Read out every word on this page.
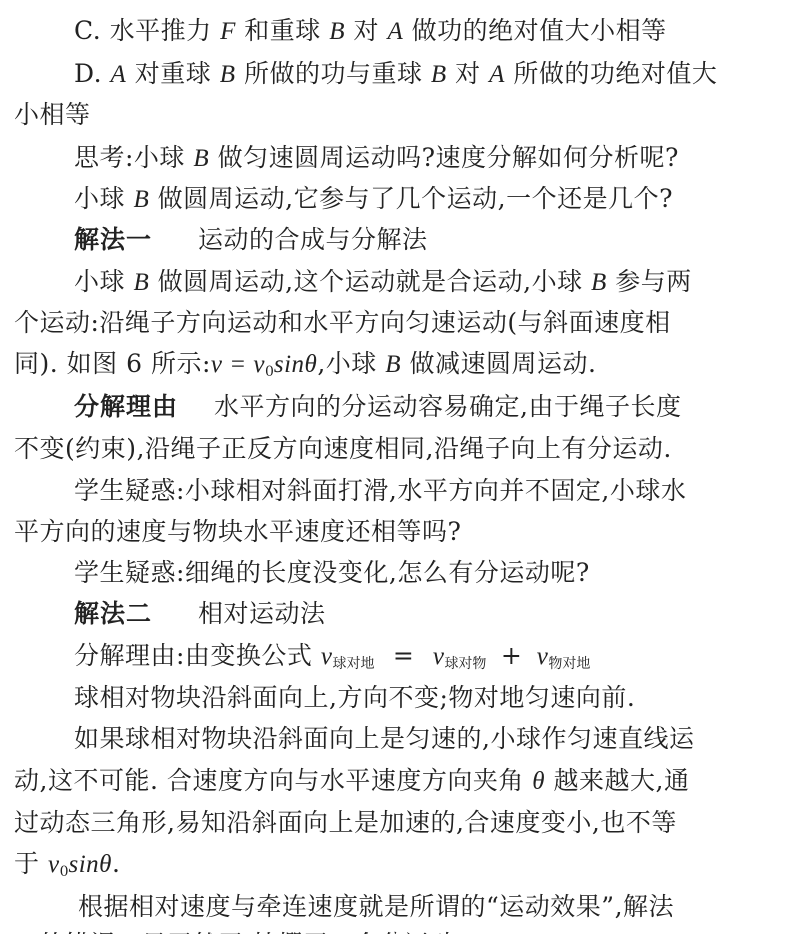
C. 水平推力 F 和重球 B 对 A 做功的绝对值大小相等
D. A 对重球 B 所做的功与重球 B 对 A 所做的功绝对值大
小相等
思考:小球 B 做匀速圆周运动吗?速度分解如何分析呢?
小球 B 做圆周运动,它参与了几个运动,一个还是几个?
解法一 运动的合成与分解法
小球 B 做圆周运动,这个运动就是合运动,小球 B 参与两
个运动:沿绳子方向运动和水平方向匀速运动(与斜面速度相
同). 如图 6 所示:v = $v_0\sin\theta$,小球 B 做减速圆周运动.
分解理由 水平方向的分运动容易确定,由于绳子长度
不变(约束),沿绳子正反方向速度相同,沿绳子向上有分运动.
学生疑惑:小球相对斜面打滑,水平方向并不固定,小球水
平方向的速度与物块水平速度还相等吗?
学生疑惑:细绳的长度没变化,怎么有分运动呢?
解法二 相对运动法
分解理由:由变换公式 $v_{球对地} = v_{球对物} + v_{物对地}$
球相对物块沿斜面向上,方向不变;物对地匀速向前.
如果球相对物块沿斜面向上是匀速的,小球作匀速直线运
动,这不可能. 合速度方向与水平速度方向夹角 θ 越来越大,通
过动态三角形,易知沿斜面向上是加速的,合速度变小,也不等
于 $v_0\sin\theta$.
根据相对速度与牵连速度就是所谓的“运动效果”,解法
